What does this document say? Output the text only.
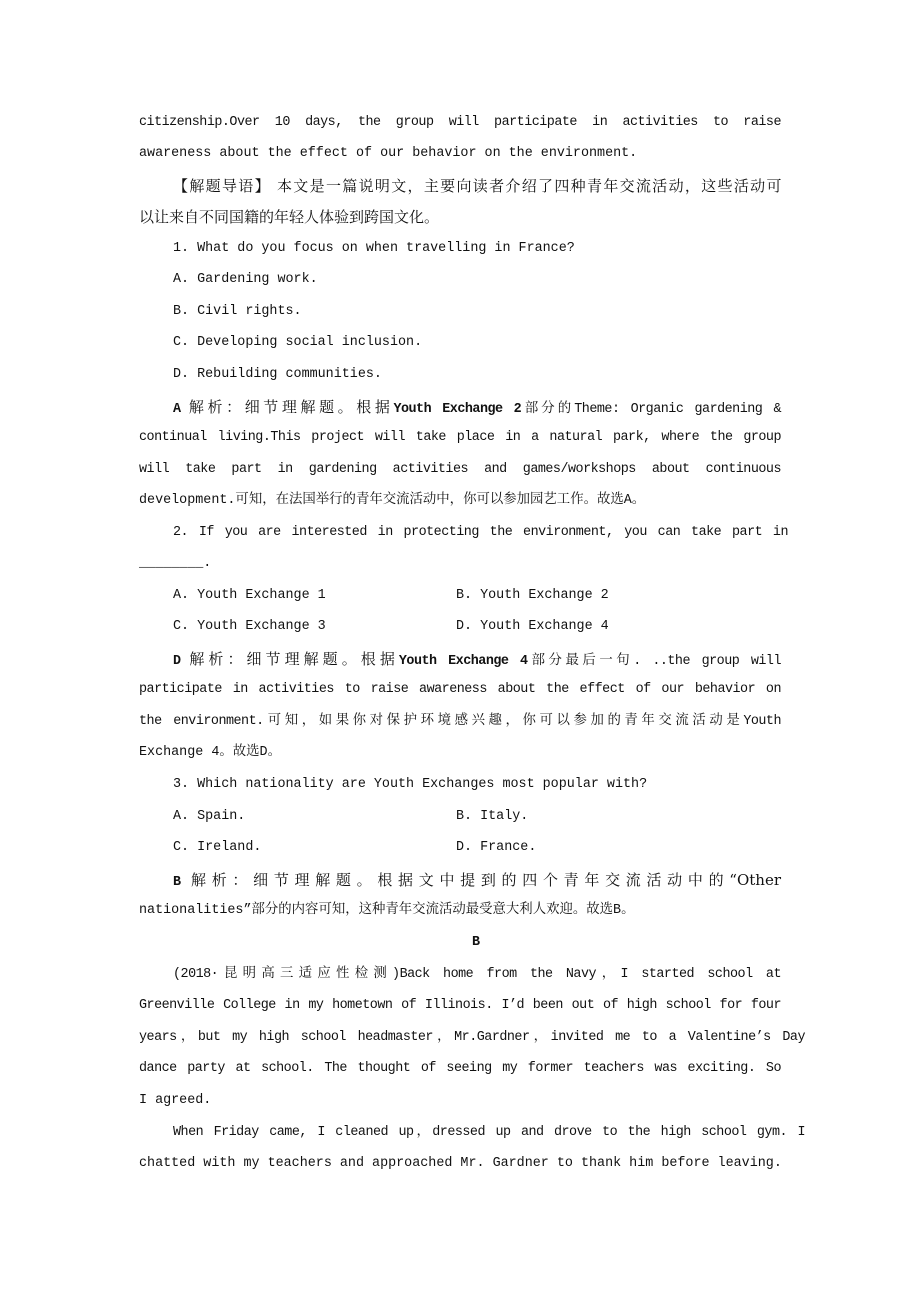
citizenship.Over 10 days, the group will participate in activities to raise
awareness about the effect of our behavior on the environment.
【解题导语】 本文是一篇说明文，主要向读者介绍了四种青年交流活动，这些活动可
以让来自不同国籍的年轻人体验到跨国文化。
1. What do you focus on when travelling in France?
A. Gardening work.
B. Civil rights.
C. Developing social inclusion.
D. Rebuilding communities.
A 解析：细节理解题。根据Youth Exchange 2部分的Theme: Organic gardening &
continual living.This project will take place in a natural park, where the group
will take part in gardening activities and games/workshops about continuous
development.可知，在法国举行的青年交流活动中，你可以参加园艺工作。故选A。
2. If you are interested in protecting the environment, you can take part in
________.
A. Youth Exchange 1	B. Youth Exchange 2
C. Youth Exchange 3	D. Youth Exchange 4
D 解析：细节理解题。根据Youth Exchange 4部分最后一句. ..the group will
participate in activities to raise awareness about the effect of our behavior on
the environment.可知，如果你对保护环境感兴趣，你可以参加的青年交流活动是Youth
Exchange 4。故选D。
3. Which nationality are Youth Exchanges most popular with?
A. Spain.	B. Italy.
C. Ireland.	D. France.
B 解析：细节理解题。根据文中提到的四个青年交流活动中的“Other
nationalities”部分的内容可知，这种青年交流活动最受意大利人欢迎。故选B。
B
(2018·昆明高三适应性检测)Back home from the Navy，I started school at
Greenville College in my hometown of Illinois. I’d been out of high school for four
years，but my high school headmaster，Mr.Gardner，invited me to a Valentine’s Day
dance party at school. The thought of seeing my former teachers was exciting. So
I agreed.
When Friday came, I cleaned up，dressed up and drove to the high school gym. I
chatted with my teachers and approached Mr. Gardner to thank him before leaving.
